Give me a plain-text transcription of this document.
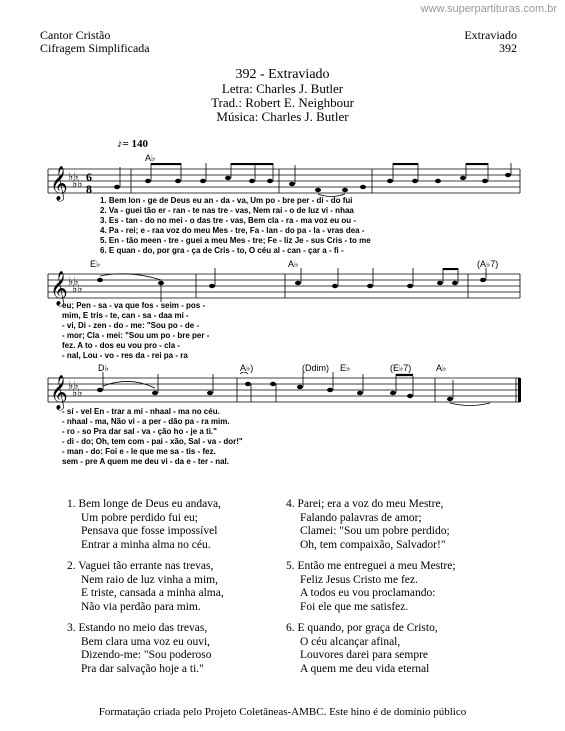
www.superpartituras.com.br
Cantor Cristão
Cifragem Simplificada
Extraviado
392
392 - Extraviado
Letra: Charles J. Butler
Trad.: Robert E. Neighbour
Música: Charles J. Butler
♪= 140
A♭
E♭	A♭	(A♭7)
D♭	A♭)	(Ddim) E♭	(E♭7)	A♭
𝄞 ♭♭
♭♭ 6
8
1. Bem lon - ge de Deus eu an - da - va, Um po - bre per - di - do fui
2. Va - guei tão er - ran - te nas tre - vas, Nem rai - o de luz vi - nhaa
3. Es - tan - do no mei - o das tre - vas, Bem cla - ra - ma voz eu ou -
4. Pa - rei; e - raa voz do meu Mes - tre, Fa - lan - do pa - la - vras dea -
5. En - tão meen - tre - guei a meu Mes - tre; Fe - liz Je - sus Cris - to me
6. E quan - do, por gra - ça de Cris - to, O céu al - can - çar a - fi -
𝄞 ♭♭
♭♭
eu; Pen - sa - va que fos - seim - pos -
mim, E tris - te, can - sa - daa mi -
- vi, Di - zen - do - me: "Sou po - de -
- mor; Cla - mei: "Sou um po - bre per -
fez. A to - dos eu vou pro - cla -
- nal, Lou - vo - res da - rei pa - ra
𝄞 ♭♭
♭♭
- sí - vel En - trar a mi - nhaal - ma no céu.
- nhaal - ma, Não vi - a per - dão pa - ra mim.
- ro - so Pra dar sal - va - ção ho - je a ti."
- di - do; Oh, tem com - pai - xão, Sal - va - dor!"
- man - do: Foi e - le que me sa - tis - fez.
sem - pre A quem me deu vi - da e - ter - nal.
1. Bem longe de Deus eu andava,
Um pobre perdido fui eu;
Pensava que fosse impossível
Entrar a minha alma no céu.
2. Vaguei tão errante nas trevas,
Nem raio de luz vinha a mim,
E triste, cansada a minha alma,
Não via perdão para mim.
3. Estando no meio das trevas,
Bem clara uma voz eu ouvi,
Dizendo-me: "Sou poderoso
Pra dar salvação hoje a ti."
4. Parei; era a voz do meu Mestre,
Falando palavras de amor;
Clamei: "Sou um pobre perdido;
Oh, tem compaixão, Salvador!"
5. Então me entreguei a meu Mestre;
Feliz Jesus Cristo me fez.
A todos eu vou proclamando:
Foi ele que me satisfez.
6. E quando, por graça de Cristo,
O céu alcançar afinal,
Louvores darei para sempre
A quem me deu vida eternal
Formatação criada pelo Projeto Coletâneas-AMBC. Este hino é de domínio público
